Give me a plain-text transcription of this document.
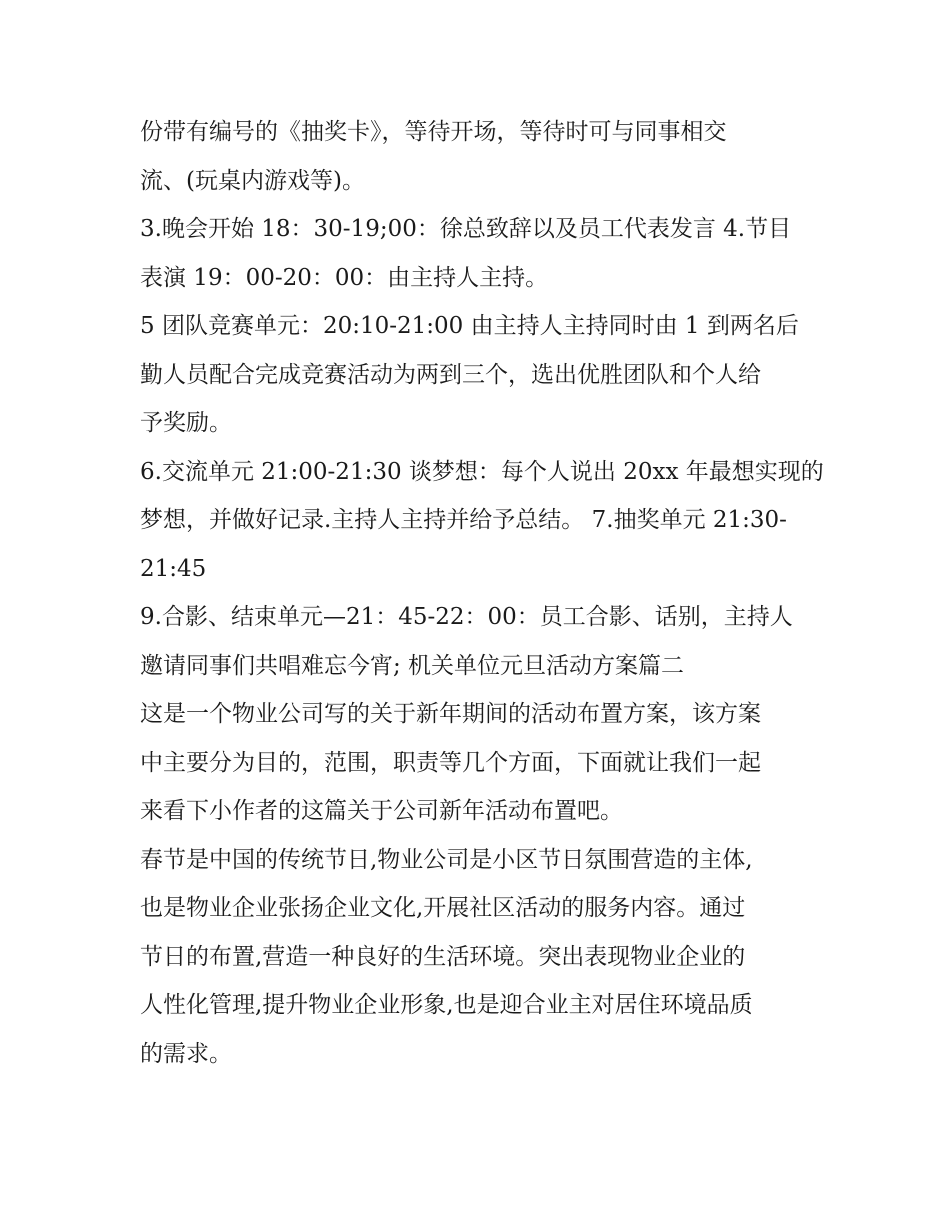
份带有编号的《抽奖卡》，等待开场，等待时可与同事相交
流、(玩桌内游戏等)。
3.晚会开始 18：30-19;00：徐总致辞以及员工代表发言 4.节目
表演 19：00-20：00：由主持人主持。
5 团队竞赛单元：20:10-21:00 由主持人主持同时由 1 到两名后
勤人员配合完成竞赛活动为两到三个，选出优胜团队和个人给
予奖励。
6.交流单元 21:00-21:30 谈梦想：每个人说出 20xx 年最想实现的
梦想，并做好记录.主持人主持并给予总结。 7.抽奖单元 21:30-
21:45
9.合影、结束单元—21：45-22：00：员工合影、话别，主持人
邀请同事们共唱难忘今宵; 机关单位元旦活动方案篇二
这是一个物业公司写的关于新年期间的活动布置方案，该方案
中主要分为目的，范围，职责等几个方面，下面就让我们一起
来看下小作者的这篇关于公司新年活动布置吧。
春节是中国的传统节日,物业公司是小区节日氛围营造的主体,
也是物业企业张扬企业文化,开展社区活动的服务内容。通过
节日的布置,营造一种良好的生活环境。突出表现物业企业的
人性化管理,提升物业企业形象,也是迎合业主对居住环境品质
的需求。
